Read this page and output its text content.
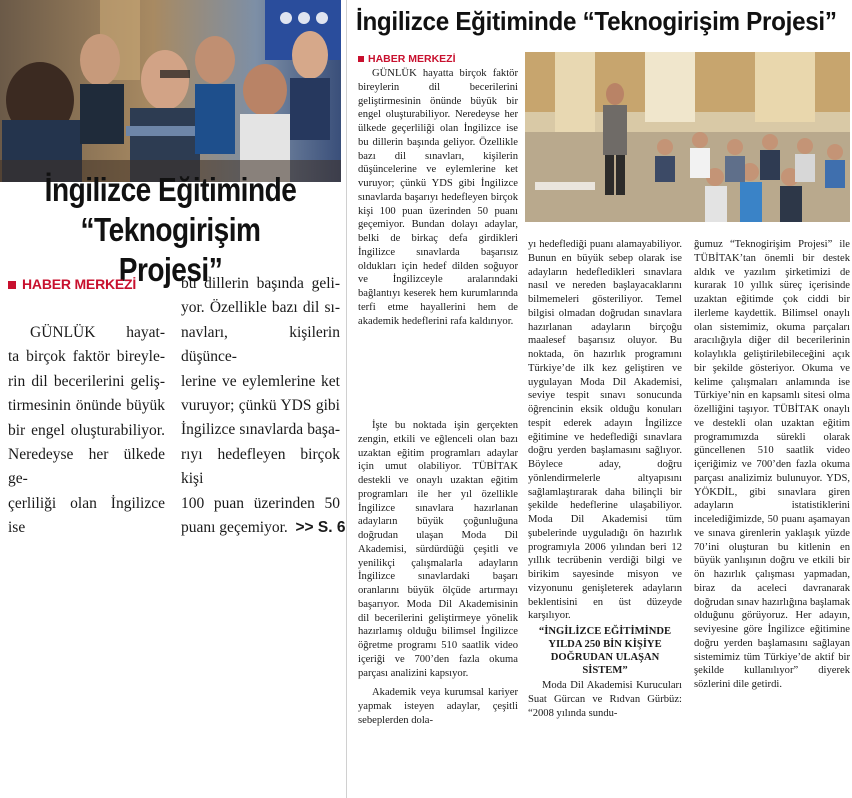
İngilizce Eğitiminde
“Teknogirişim Projesi”
HABER MERKEZİ

GÜNLÜK hayat-

ta birçok faktör bireyle-

rin dil becerilerini geliş-

tirmesinin önünde büyük

bir engel oluşturabiliyor.

Neredeyse her ülkede ge-

çerliliği olan İngilizce ise

bu dillerin başında geli-

yor. Özellikle bazı dil sı-

navları, kişilerin düşünce-

lerine ve eylemlerine ket

vuruyor; çünkü YDS gibi

İngilizce sınavlarda başa-

rıyı hedefleyen birçok kişi

100 puan üzerinden 50

puanı geçemiyor. >> S. 6

İngilizce Eğitiminde “Teknogirişim Projesi”
HABER MERKEZİ

GÜNLÜK hayatta birçok faktör bireylerin dil becerilerini geliştirmesinin önünde büyük bir engel oluşturabiliyor. Neredeyse her ülkede geçerliliği olan İngilizce ise bu dillerin başında geliyor. Özellikle bazı dil sınavları, kişilerin düşüncelerine ve eylemlerine ket vuruyor; çünkü YDS gibi İngilizce sınavlarda başarıyı hedefleyen birçok kişi 100 puan üzerinden 50 puanı geçemiyor. Bundan dolayı adaylar, belki de birkaç defa girdikleri İngilizce sınavlarda başarısız oldukları için hedef dilden soğuyor ve İngilizceyle aralarındaki bağlantıyı keserek hem kurumlarında terfi etme hayallerini hem de akademik hedeflerini rafa kaldırıyor.

İşte bu noktada işin gerçekten zengin, etkili ve eğlenceli olan bazı uzaktan eğitim programları adaylar için umut olabiliyor. TÜBİTAK destekli ve onaylı uzaktan eğitim programları ile her yıl özellikle İngilizce sınavlara hazırlanan adayların büyük çoğunluğuna doğrudan ulaşan Moda Dil Akademisi, sürdürdüğü çeşitli ve yenilikçi çalışmalarla adayların İngilizce sınavlardaki başarı oranlarını büyük ölçüde artırmayı başarıyor. Moda Dil Akademisinin dil becerilerini geliştirmeye yönelik hazırlamış olduğu bilimsel İngilizce öğretme programı 510 saatlik video içeriği ve 700’den fazla okuma parçası analizini kapsıyor.

Akademik veya kurumsal kariyer yapmak isteyen adaylar, çeşitli sebeplerden dola-

yı hedeflediği puanı alamayabiliyor. Bunun en büyük sebep olarak ise adayların hedefledikleri sınavlara nasıl ve nereden başlayacaklarını bilmemeleri gösteriliyor. Temel bilgisi olmadan doğrudan sınavlara hazırlanan adayların birçoğu maalesef başarısız oluyor. Bu noktada, ön hazırlık programını Türkiye’de ilk kez geliştiren ve uygulayan Moda Dil Akademisi, seviye tespit sınavı sonucunda öğrencinin eksik olduğu konuları tespit ederek adayın İngilizce eğitimine ve hedeflediği sınavlara doğru yerden başlamasını sağlıyor. Böylece aday, doğru yönlendirmelerle altyapısını sağlamlaştırarak daha bilinçli bir şekilde hedeflerine ulaşabiliyor. Moda Dil Akademisi tüm şubelerinde uyguladığı ön hazırlık programıyla 2006 yılından beri 12 yıllık tecrübenin verdiği bilgi ve birikim sayesinde misyon ve vizyonunu genişleterek adayların beklentisini en üst düzeyde karşılıyor.

“İNGİLİZCE EĞİTİMİNDE YILDA 250 BİN KİŞİYE DOĞRUDAN ULAŞAN SİSTEM”

Moda Dil Akademisi Kurucuları Suat Gürcan ve Rıdvan Gürbüz: “2008 yılında sundu-

ğumuz “Teknogirişim Projesi” ile TÜBİTAK’tan önemli bir destek aldık ve yazılım şirketimizi de kurarak 10 yıllık süreç içerisinde uzaktan eğitimde çok ciddi bir ilerleme kaydettik. Bilimsel onaylı olan sistemimiz, okuma parçaları aracılığıyla diğer dil becerilerinin kolaylıkla geliştirilebileceğini açık bir şekilde gösteriyor. Okuma ve kelime çalışmaları anlamında ise Türkiye’nin en kapsamlı sitesi olma özelliğini taşıyor. TÜBİTAK onaylı ve destekli olan uzaktan eğitim programımızda sürekli olarak güncellenen 510 saatlik video içeriğimiz ve 700’den fazla okuma parçası analizimiz bulunuyor. YDS, YÖKDİL, gibi sınavlara giren adayların istatistiklerini incelediğimizde, 50 puanı aşamayan ve sınava girenlerin yaklaşık yüzde 70’ini oluşturan bu kitlenin en büyük yanlışının doğru ve etkili bir ön hazırlık çalışması yapmadan, biraz da aceleci davranarak doğrudan sınav hazırlığına başlamak olduğunu görüyoruz. Her adayın, seviyesine göre İngilizce eğitimine doğru yerden başlamasını sağlayan sistemimiz tüm Türkiye’de aktif bir şekilde kullanılıyor” diyerek sözlerini dile getirdi.
